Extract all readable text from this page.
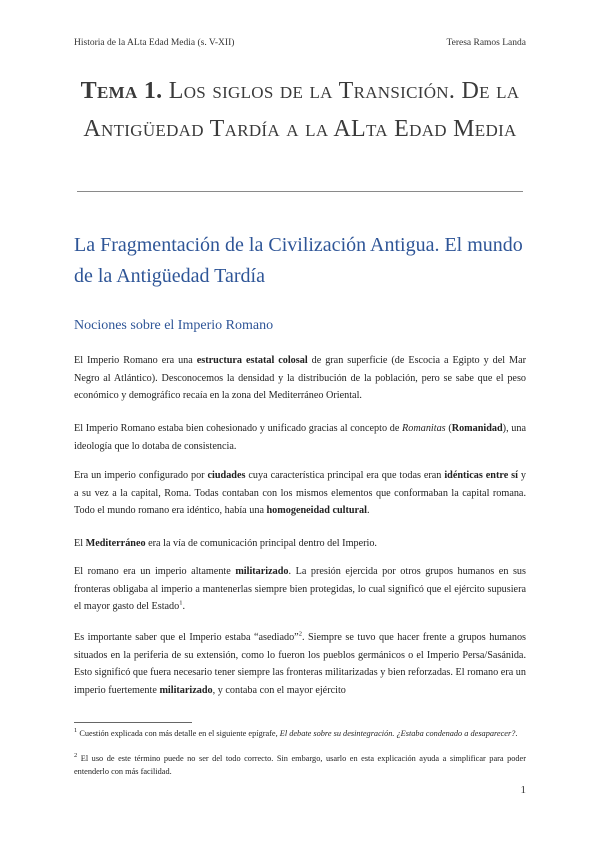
Historia de la ALta Edad Media (s. V-XII)	Teresa Ramos Landa
Tema 1. Los siglos de la Transición. De la
Antigüedad Tardía a la ALta Edad Media
La Fragmentación de la Civilización Antigua. El mundo
de la Antigüedad Tardía
Nociones sobre el Imperio Romano
El Imperio Romano era una estructura estatal colosal de gran superficie (de Escocia a Egipto y del Mar Negro al Atlántico). Desconocemos la densidad y la distribución de la población, pero se sabe que el peso económico y demográfico recaía en la zona del Mediterráneo Oriental.
El Imperio Romano estaba bien cohesionado y unificado gracias al concepto de Romanitas (Romanidad), una ideología que lo dotaba de consistencia.
Era un imperio configurado por ciudades cuya característica principal era que todas eran idénticas entre sí y a su vez a la capital, Roma. Todas contaban con los mismos elementos que conformaban la capital romana. Todo el mundo romano era idéntico, había una homogeneidad cultural.
El Mediterráneo era la vía de comunicación principal dentro del Imperio.
El romano era un imperio altamente militarizado. La presión ejercida por otros grupos humanos en sus fronteras obligaba al imperio a mantenerlas siempre bien protegidas, lo cual significó que el ejército supusiera el mayor gasto del Estado$^1$.
Es importante saber que el Imperio estaba “asediado”$^2$. Siempre se tuvo que hacer frente a grupos humanos situados en la periferia de su extensión, como lo fueron los pueblos germánicos o el Imperio Persa/Sasánida. Esto significó que fuera necesario tener siempre las fronteras militarizadas y bien reforzadas. El romano era un imperio fuertemente militarizado, y contaba con el mayor ejército
$^1$ Cuestión explicada con más detalle en el siguiente epígrafe, El debate sobre su desintegración. ¿Estaba condenado a desaparecer?.
$^2$ El uso de este término puede no ser del todo correcto. Sin embargo, usarlo en esta explicación ayuda a simplificar para poder entenderlo con más facilidad.
1
